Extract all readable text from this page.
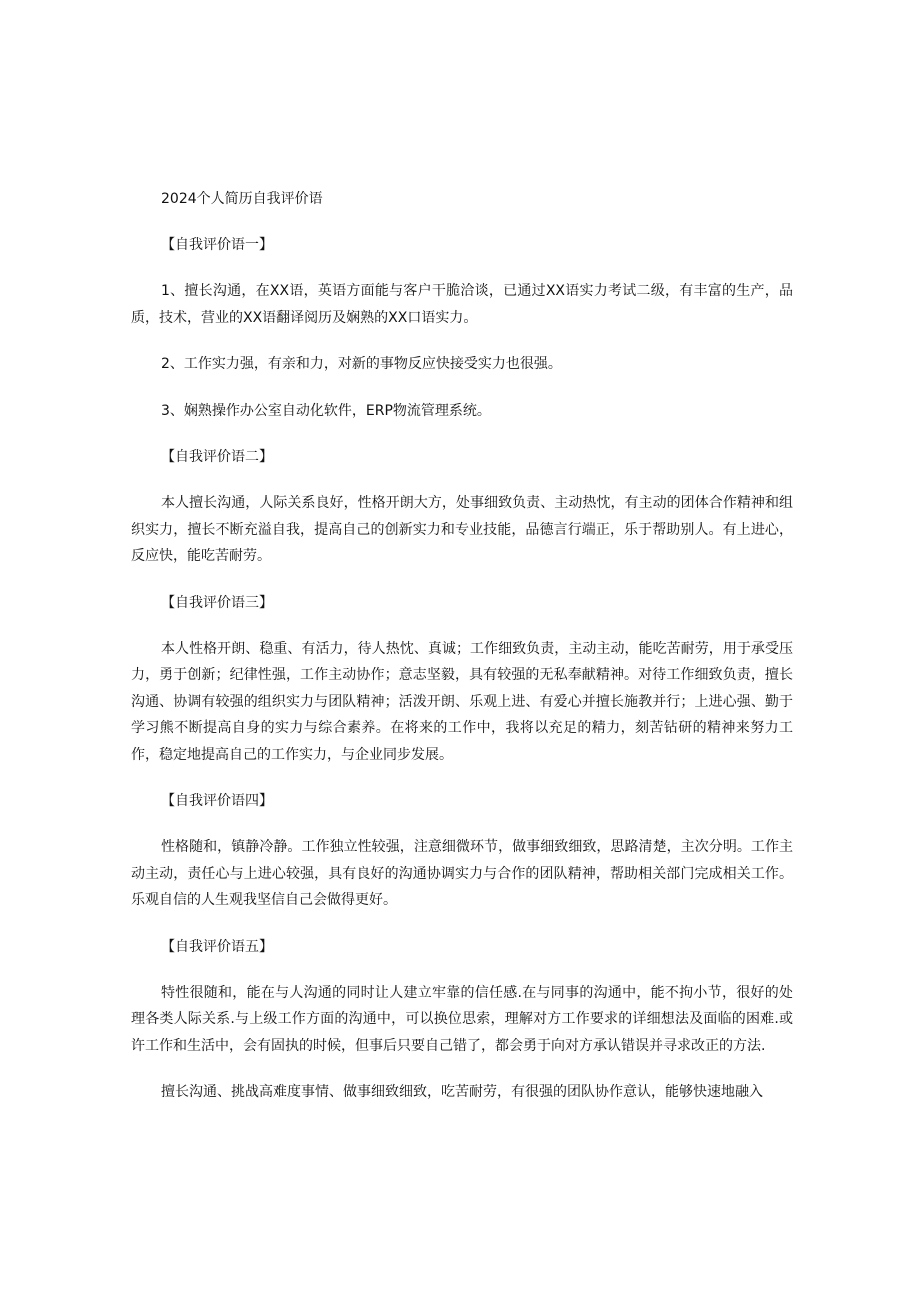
2024个人简历自我评价语
【自我评价语一】

1、擅长沟通，在XX语，英语方面能与客户干脆洽谈，已通过XX语实力考试二级，有丰富的生产，品质，技术，营业的XX语翻译阅历及娴熟的XX口语实力。

2、工作实力强，有亲和力，对新的事物反应快接受实力也很强。

3、娴熟操作办公室自动化软件，ERP物流管理系统。

【自我评价语二】

本人擅长沟通，人际关系良好，性格开朗大方，处事细致负责、主动热忱，有主动的团体合作精神和组织实力，擅长不断充溢自我，提高自己的创新实力和专业技能，品德言行端正，乐于帮助别人。有上进心，反应快，能吃苦耐劳。

【自我评价语三】

本人性格开朗、稳重、有活力，待人热忱、真诚；工作细致负责，主动主动，能吃苦耐劳，用于承受压力，勇于创新；纪律性强，工作主动协作；意志坚毅，具有较强的无私奉献精神。对待工作细致负责，擅长沟通、协调有较强的组织实力与团队精神；活泼开朗、乐观上进、有爱心并擅长施教并行；上进心强、勤于学习熊不断提高自身的实力与综合素养。在将来的工作中，我将以充足的精力，刻苦钻研的精神来努力工作，稳定地提高自己的工作实力，与企业同步发展。

【自我评价语四】

性格随和，镇静冷静。工作独立性较强，注意细微环节，做事细致细致，思路清楚，主次分明。工作主动主动，责任心与上进心较强，具有良好的沟通协调实力与合作的团队精神，帮助相关部门完成相关工作。乐观自信的人生观我坚信自己会做得更好。

【自我评价语五】

特性很随和，能在与人沟通的同时让人建立牢靠的信任感.在与同事的沟通中，能不拘小节，很好的处理各类人际关系.与上级工作方面的沟通中，可以换位思索，理解对方工作要求的详细想法及面临的困难.或许工作和生活中，会有固执的时候，但事后只要自己错了，都会勇于向对方承认错误并寻求改正的方法.

擅长沟通、挑战高难度事情、做事细致细致，吃苦耐劳，有很强的团队协作意认，能够快速地融入
